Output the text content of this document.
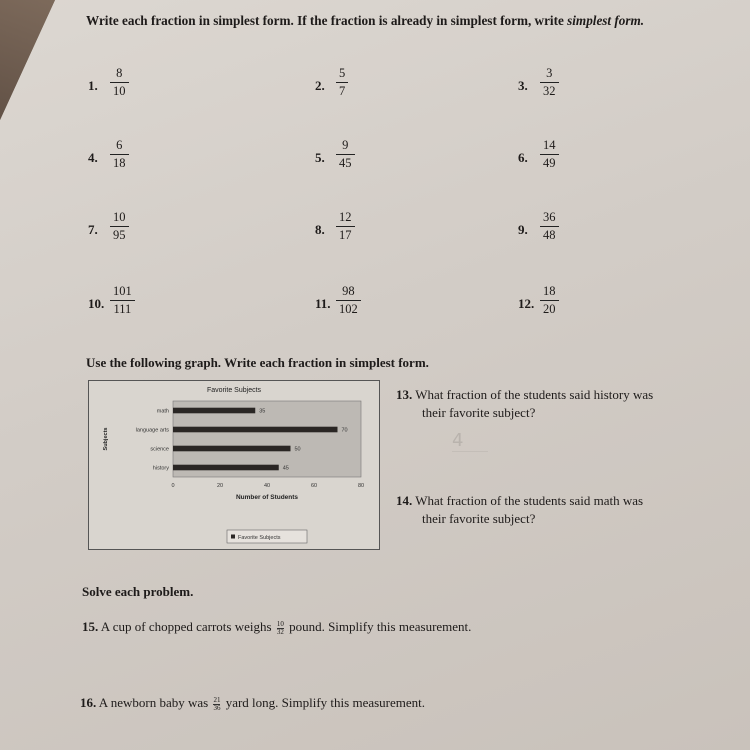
Write each fraction in simplest form. If the fraction is already in simplest form, write simplest form.
1.
8
10	2.
5
7	3.
3
32
4.
6
18	5.
9
45	6.
14
49
7.
10
95	8.
12
17	9.
36
48
10.
101
111	11.
98
102	12.
18
20
Use the following graph. Write each fraction in simplest form.
Favorite Subjects
math	35
language arts	70
science	50
history	45
0	20	40	60	80
Number of Students
Subjects
Favorite Subjects
13. What fraction of the students said history was
their favorite subject?
4
14. What fraction of the students said math was
their favorite subject?
Solve each problem.
15. A cup of chopped carrots weighs $\frac{10}{32}$ pound. Simplify this measurement.
16. A newborn baby was $\frac{21}{36}$ yard long. Simplify this measurement.
